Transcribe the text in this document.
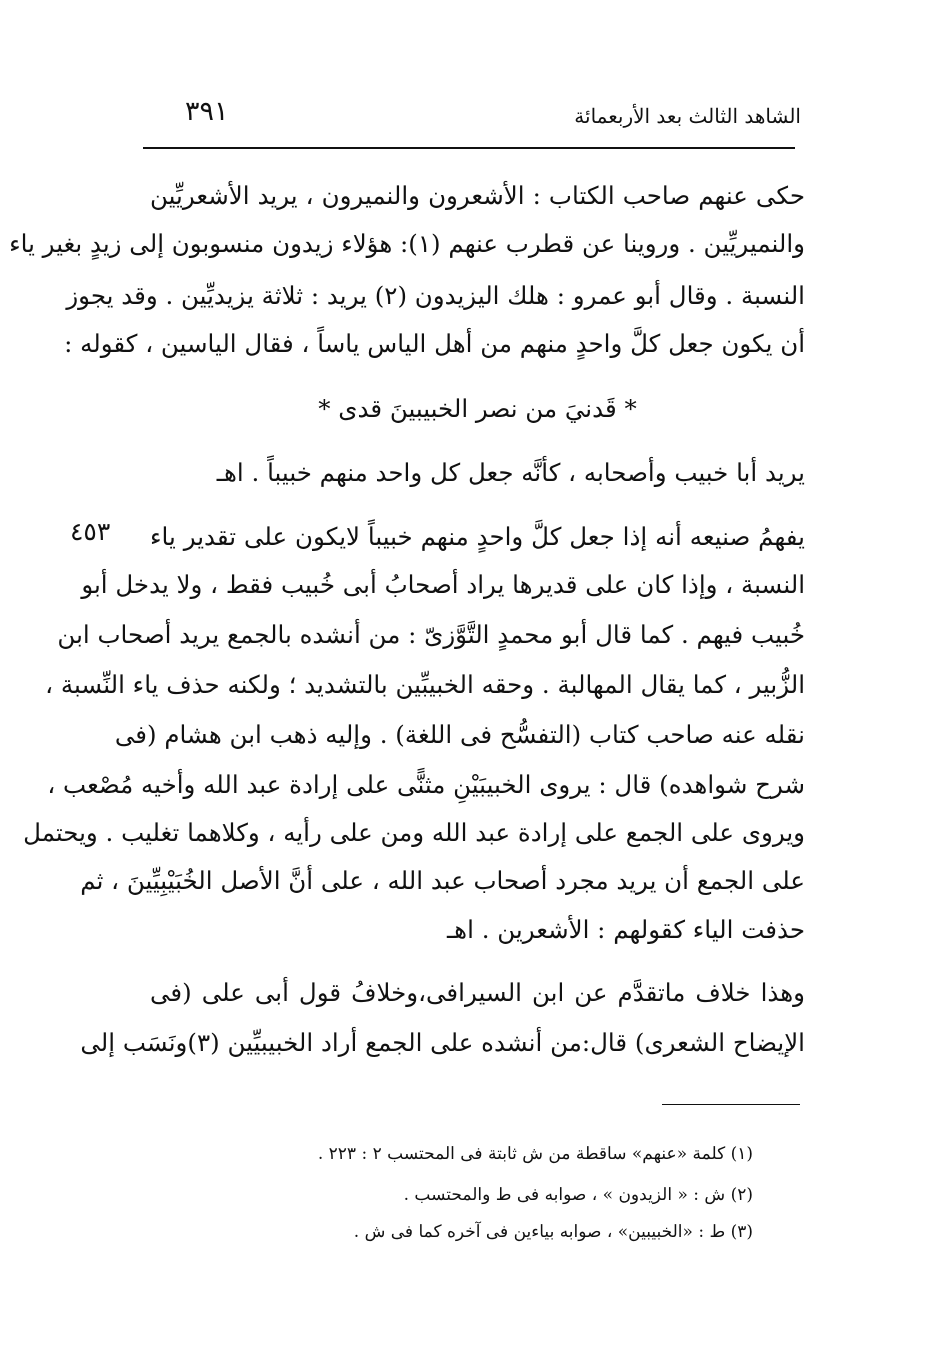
الشاهد الثالث بعد الأربعمائة
٣٩١
٤٥٣
حكى عنهم صاحب الكتاب : الأشعرون والنميرون ، يريد الأشعريِّين
والنميريِّين . وروينا عن قطرب عنهم (١): هؤلاء زيدون منسوبون إلى زيدٍ بغير ياء
النسبة . وقال أبو عمرو : هلك اليزيدون (٢) يريد : ثلاثة يزيديِّين . وقد يجوز
أن يكون جعل كلَّ واحدٍ منهم من أهل الياس ياساً ، فقال الياسين ، كقوله :
* قَدنيَ من نصر الخبيبينَ قدى *
يريد أبا خبيب وأصحابه ، كأنَّه جعل كل واحد منهم خبيباً . اهـ
يفهمُ صنيعه أنه إذا جعل كلَّ واحدٍ منهم خبيباً لايكون على تقدير ياء
النسبة ، وإذا كان على قديرها يراد أصحابُ أبى خُبيب فقط ، ولا يدخل أبو
خُبيب فيهم . كما قال أبو محمدٍ التَّوَّزىّ : من أنشده بالجمع يريد أصحاب ابن
الزُّبير ، كما يقال المهالبة . وحقه الخبيبِّين بالتشديد ؛ ولكنه حذف ياء النِّسبة ،
نقله عنه صاحب كتاب (التفسُّح فى اللغة) . وإليه ذهب ابن هشام (فى
شرح شواهده) قال : يروى الخبيبَيْنِ مثنًّى على إرادة عبد الله وأخيه مُصْعب ،
ويروى على الجمع على إرادة عبد الله ومن على رأيه ، وكلاهما تغليب . ويحتمل
على الجمع أن يريد مجرد أصحاب عبد الله ، على أنَّ الأصل الخُبَيْبِيِّينَ ، ثم
حذفت الياء كقولهم : الأشعرين . اهـ
وهذا خلاف ماتقدَّم عن ابن السيرافى،وخلافُ قول أبى على (فى
الإيضاح الشعرى) قال:من أنشده على الجمع أراد الخبيبيِّين (٣)ونَسَب إلى
(١) كلمة «عنهم» ساقطة من ش ثابتة فى المحتسب ٢ : ٢٢٣ .
(٢) ش : « الزيدون » ، صوابه فى ط والمحتسب .
(٣) ط : «الخبيبين» ، صوابه بياءين فى آخره كما فى ش .
